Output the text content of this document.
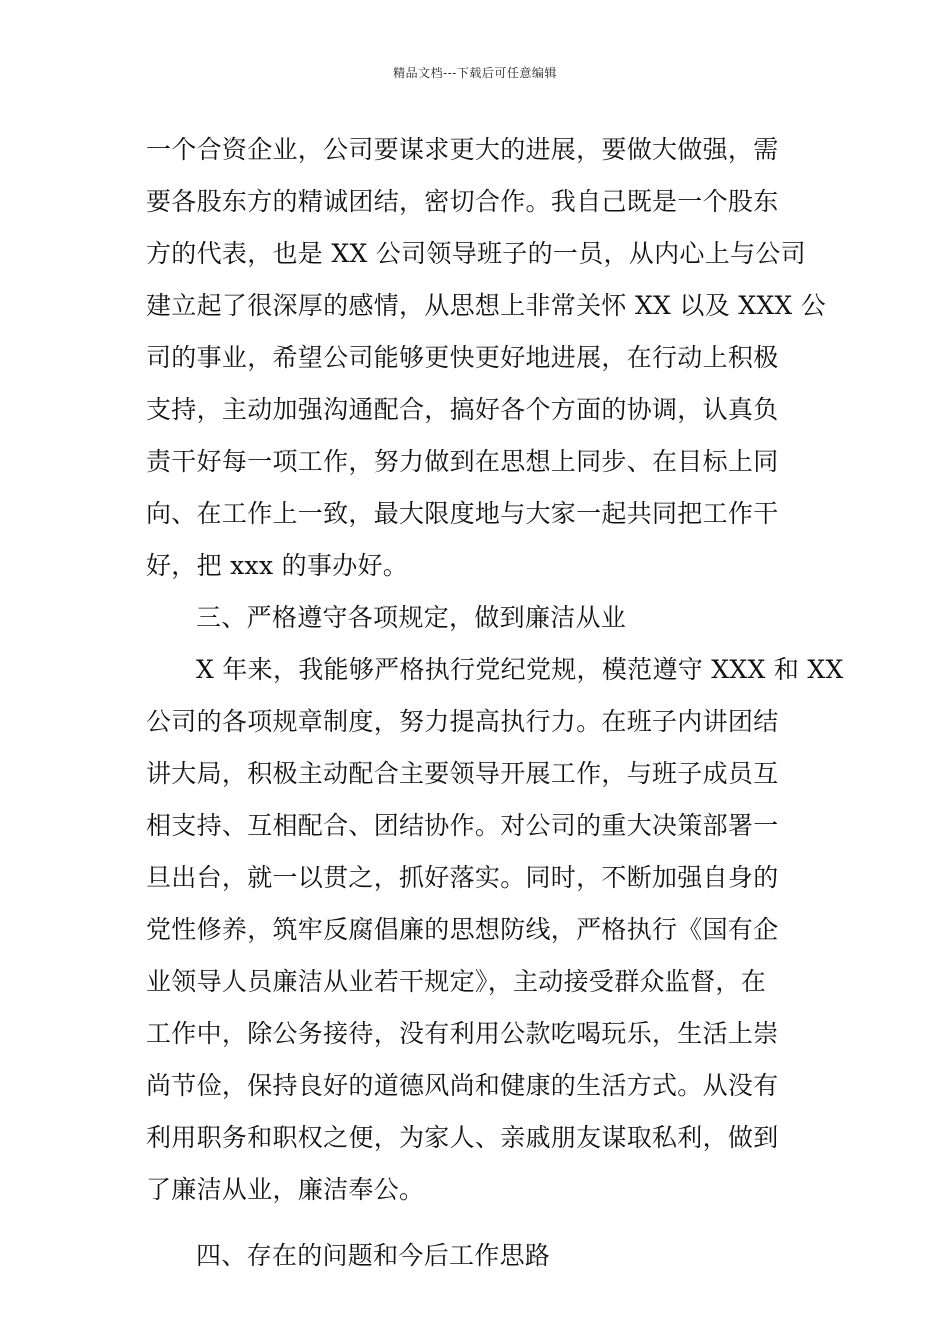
精品文档---下载后可任意编辑
一个合资企业，公司要谋求更大的进展，要做大做强，需
要各股东方的精诚团结，密切合作。我自己既是一个股东
方的代表，也是 XX 公司领导班子的一员，从内心上与公司
建立起了很深厚的感情，从思想上非常关怀 XX 以及 XXX 公
司的事业，希望公司能够更快更好地进展，在行动上积极
支持，主动加强沟通配合，搞好各个方面的协调，认真负
责干好每一项工作，努力做到在思想上同步、在目标上同
向、在工作上一致，最大限度地与大家一起共同把工作干
好，把 xxx 的事办好。
三、严格遵守各项规定，做到廉洁从业
X 年来，我能够严格执行党纪党规，模范遵守 XXX 和 XX
公司的各项规章制度，努力提高执行力。在班子内讲团结
讲大局，积极主动配合主要领导开展工作，与班子成员互
相支持、互相配合、团结协作。对公司的重大决策部署一
旦出台，就一以贯之，抓好落实。同时，不断加强自身的
党性修养，筑牢反腐倡廉的思想防线，严格执行《国有企
业领导人员廉洁从业若干规定》，主动接受群众监督，在
工作中，除公务接待，没有利用公款吃喝玩乐，生活上崇
尚节俭，保持良好的道德风尚和健康的生活方式。从没有
利用职务和职权之便，为家人、亲戚朋友谋取私利，做到
了廉洁从业，廉洁奉公。
四、存在的问题和今后工作思路
